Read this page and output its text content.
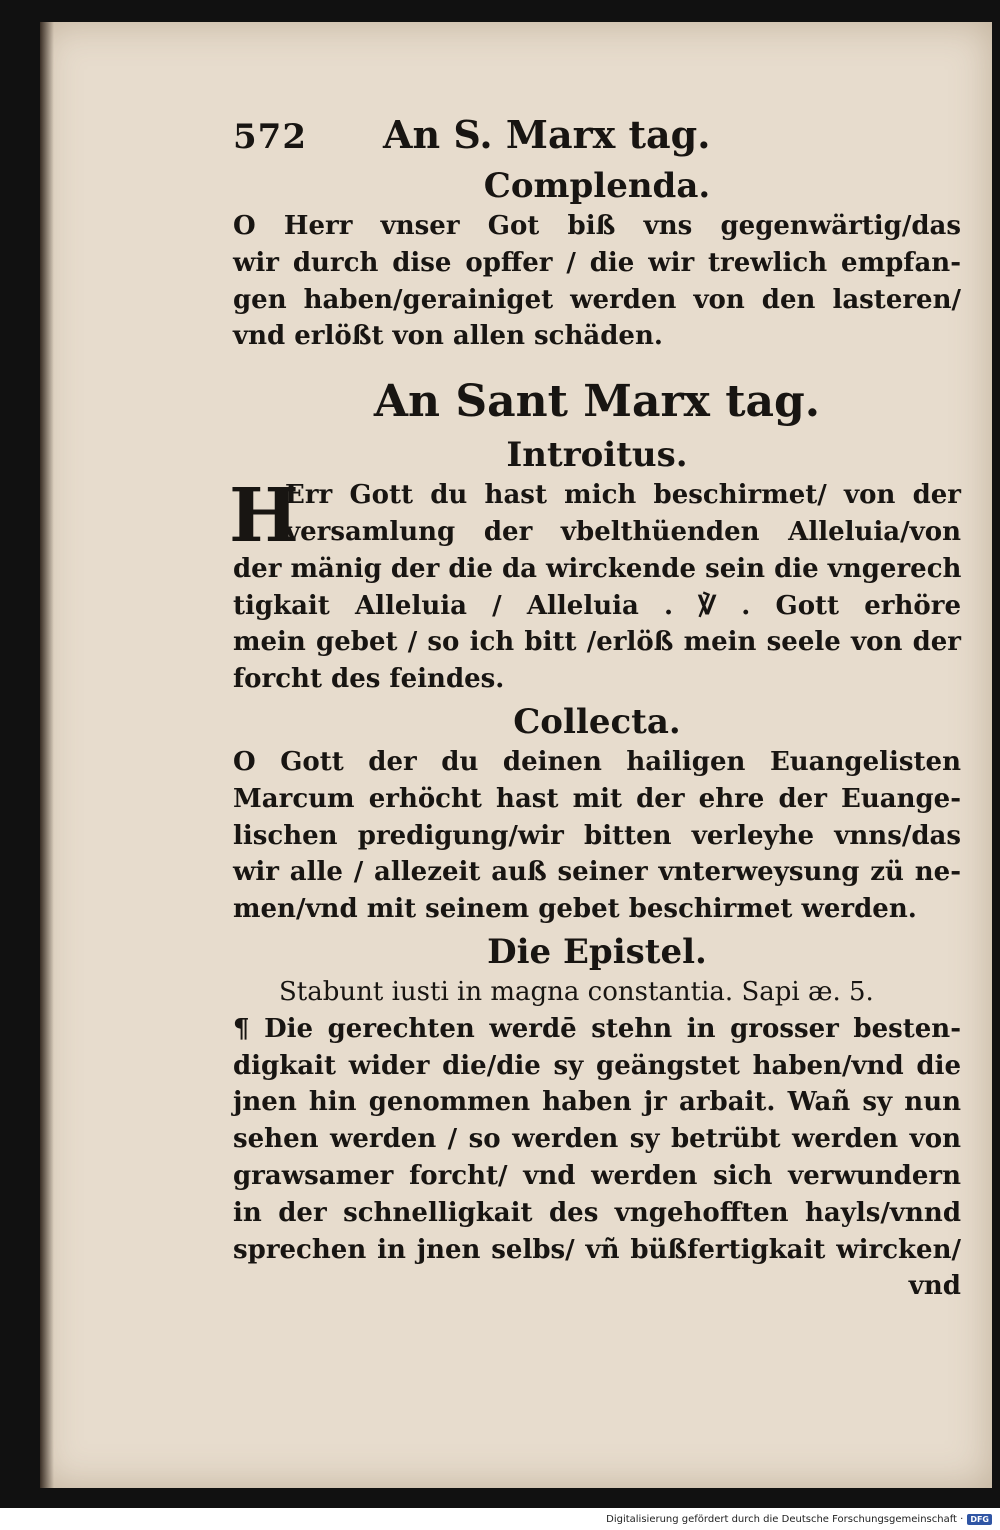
572	An S. Marx tag.
Complenda.
O Herr vnser Got biß vns gegenwärtig/das
wir durch dise opffer / die wir trewlich empfan-
gen haben/gerainiget werden von den lasteren/
vnd erlößt von allen schäden.
An Sant Marx tag.
Introitus.
H
Err Gott du hast mich beschirmet/ von der
versamlung der vbelthüenden Alleluia/von
der mänig der die da wirckende sein die vngerech
tigkait Alleluia / Alleluia . ℣ . Gott erhöre
mein gebet / so ich bitt /erlöß mein seele von der
forcht des feindes.
Collecta.
O Gott der du deinen hailigen Euangelisten
Marcum erhöcht hast mit der ehre der Euange-
lischen predigung/wir bitten verleyhe vnns/das
wir alle / allezeit auß seiner vnterweysung zü ne-
men/vnd mit seinem gebet beschirmet werden.
Die Epistel.
Stabunt iusti in magna constantia. Sapi æ. 5.
¶ Die gerechten werdē stehn in grosser besten-
digkait wider die/die sy geängstet haben/vnd die
jnen hin genommen haben jr arbait. Wañ sy nun
sehen werden / so werden sy betrübt werden von
grawsamer forcht/ vnd werden sich verwundern
in der schnelligkait des vngehofften hayls/vnnd
sprechen in jnen selbs/ vñ büßfertigkait wircken/
vnd
Digitalisierung gefördert durch die Deutsche Forschungsgemeinschaft · DFG
